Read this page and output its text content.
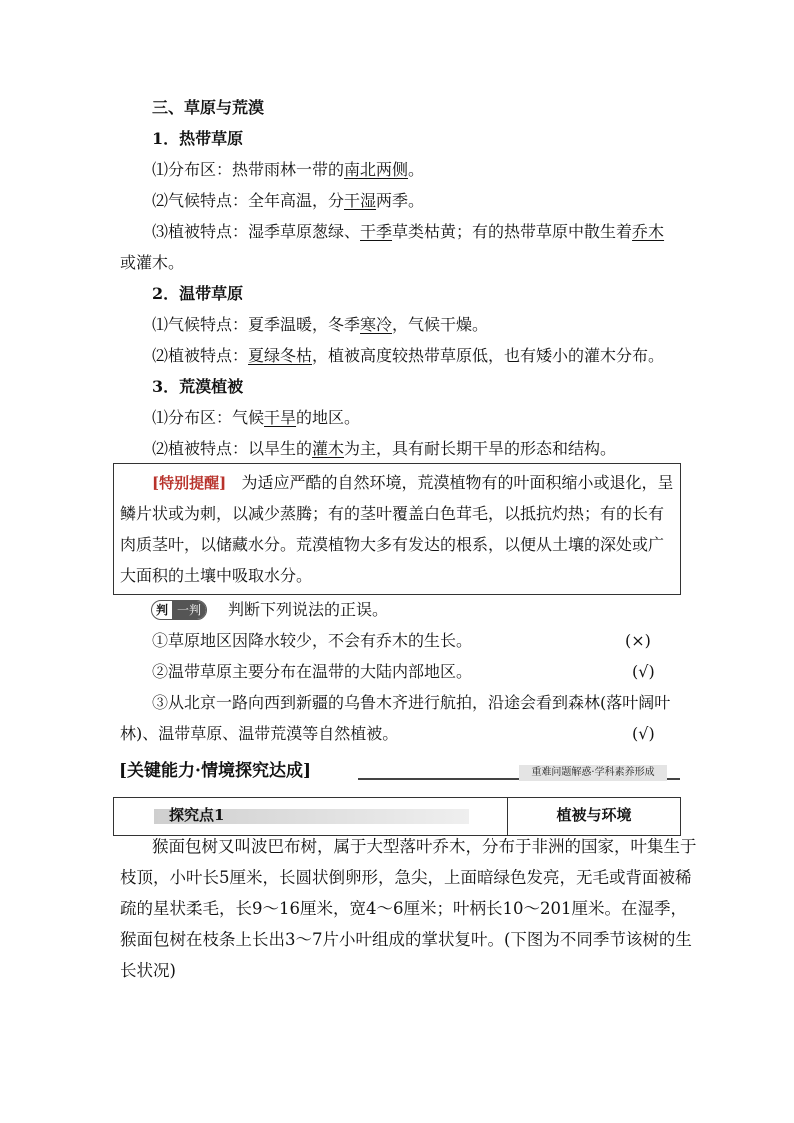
三、草原与荒漠
1．热带草原
⑴分布区：热带雨林一带的南北两侧。
⑵气候特点：全年高温，分干湿两季。
⑶植被特点：湿季草原葱绿、干季草类枯黄；有的热带草原中散生着乔木
或灌木。
2．温带草原
⑴气候特点：夏季温暖，冬季寒冷，气候干燥。
⑵植被特点：夏绿冬枯，植被高度较热带草原低，也有矮小的灌木分布。
3．荒漠植被
⑴分布区：气候干旱的地区。
⑵植被特点：以旱生的灌木为主，具有耐长期干旱的形态和结构。
[特别提醒] 为适应严酷的自然环境，荒漠植物有的叶面积缩小或退化，呈
鳞片状或为刺，以减少蒸腾；有的茎叶覆盖白色茸毛，以抵抗灼热；有的长有
肉质茎叶，以储藏水分。荒漠植物大多有发达的根系，以便从土壤的深处或广
大面积的土壤中吸取水分。
判 一判	判断下列说法的正误。
①草原地区因降水较少，不会有乔木的生长。	(×)
②温带草原主要分布在温带的大陆内部地区。	(√)
③从北京一路向西到新疆的乌鲁木齐进行航拍，沿途会看到森林(落叶阔叶
林)、温带草原、温带荒漠等自然植被。	(√)
[关键能力·情境探究达成]	重难问题解惑·学科素养形成
探究点1	植被与环境
猴面包树又叫波巴布树，属于大型落叶乔木，分布于非洲的国家，叶集生于
枝顶，小叶长5厘米，长圆状倒卵形，急尖，上面暗绿色发亮，无毛或背面被稀
疏的星状柔毛，长9～16厘米，宽4～6厘米；叶柄长10～201厘米。在湿季，
猴面包树在枝条上长出3～7片小叶组成的掌状复叶。(下图为不同季节该树的生
长状况)
